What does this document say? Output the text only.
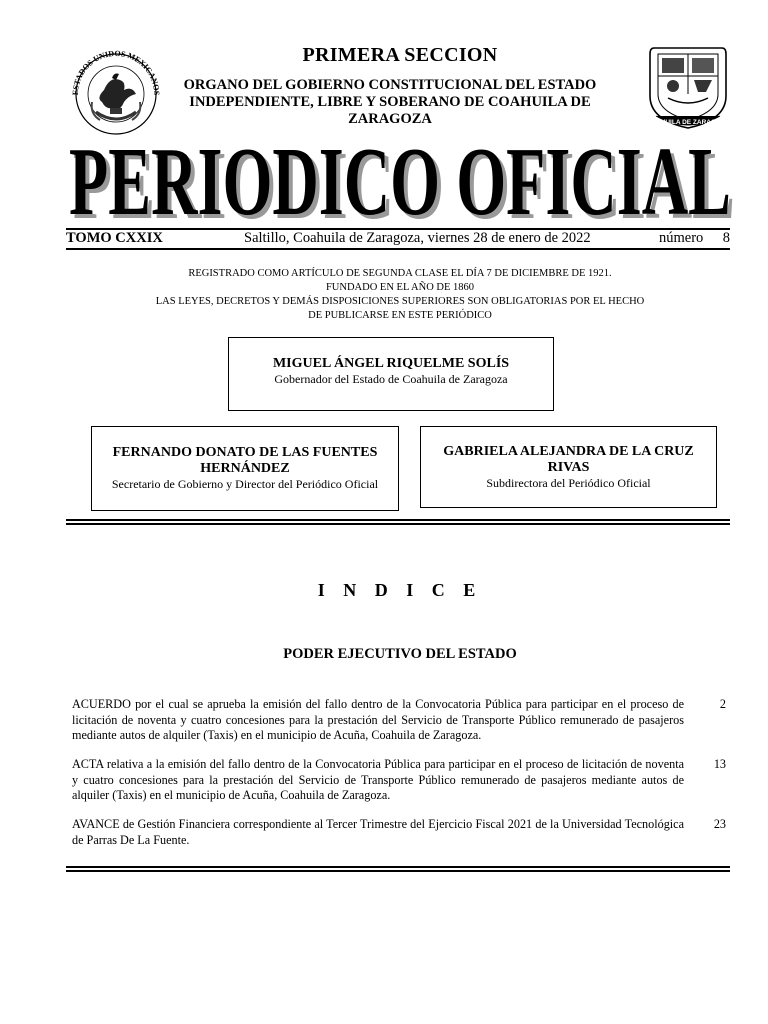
ESTADOS UNIDOS MEXICANOS
COAHUILA DE ZARAGOZA
PRIMERA SECCION
ORGANO DEL GOBIERNO CONSTITUCIONAL DEL ESTADO INDEPENDIENTE, LIBRE Y SOBERANO DE COAHUILA DE ZARAGOZA
PERIODICO OFICIAL
PERIODICO OFICIAL
TOMO CXXIX	Saltillo, Coahuila de Zaragoza, viernes 28 de enero de 2022	número 8
REGISTRADO COMO ARTÍCULO DE SEGUNDA CLASE EL DÍA 7 DE DICIEMBRE DE 1921.
FUNDADO EN EL AÑO DE 1860
LAS LEYES, DECRETOS Y DEMÁS DISPOSICIONES SUPERIORES SON OBLIGATORIAS POR EL HECHO
DE PUBLICARSE EN ESTE PERIÓDICO
MIGUEL ÁNGEL RIQUELME SOLÍS
Gobernador del Estado de Coahuila de Zaragoza
FERNANDO DONATO DE LAS FUENTES HERNÁNDEZ
Secretario de Gobierno y Director del Periódico Oficial
GABRIELA ALEJANDRA DE LA CRUZ RIVAS
Subdirectora del Periódico Oficial
I N D I C E
PODER EJECUTIVO DEL ESTADO
ACUERDO por el cual se aprueba la emisión del fallo dentro de la Convocatoria Pública para participar en el proceso de licitación de noventa y cuatro concesiones para la prestación del Servicio de Transporte Público remunerado de pasajeros mediante autos de alquiler (Taxis) en el municipio de Acuña, Coahuila de Zaragoza.
2
ACTA relativa a la emisión del fallo dentro de la Convocatoria Pública para participar en el proceso de licitación de noventa y cuatro concesiones para la prestación del Servicio de Transporte Público remunerado de pasajeros mediante autos de alquiler (Taxis) en el municipio de Acuña, Coahuila de Zaragoza.
13
AVANCE de Gestión Financiera correspondiente al Tercer Trimestre del Ejercicio Fiscal 2021 de la Universidad Tecnológica de Parras De La Fuente.
23
